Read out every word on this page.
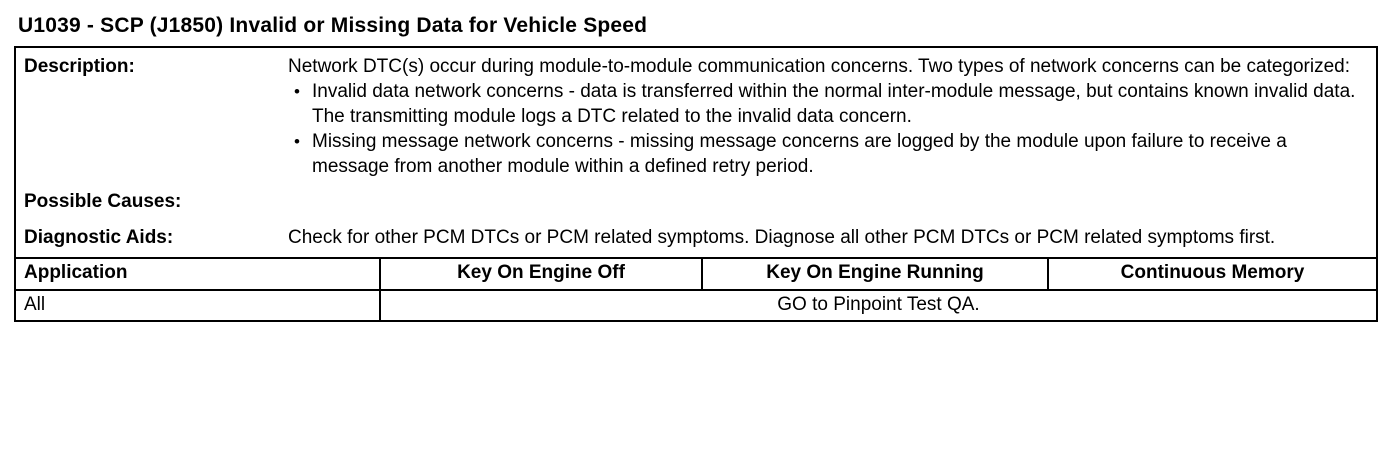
U1039 - SCP (J1850) Invalid or Missing Data for Vehicle Speed
Description:	Network DTC(s) occur during module-to-module communication concerns. Two types of network concerns can be categorized:

• Invalid data network concerns - data is transferred within the normal inter-module message, but contains known invalid data. The transmitting module logs a DTC related to the invalid data concern.
• Missing message network concerns - missing message concerns are logged by the module upon failure to receive a message from another module within a defined retry period.
Possible Causes:
Diagnostic Aids:	Check for other PCM DTCs or PCM related symptoms. Diagnose all other PCM DTCs or PCM related symptoms first.
Application	Key On Engine Off	Key On Engine Running	Continuous Memory
All	GO to Pinpoint Test QA.		
